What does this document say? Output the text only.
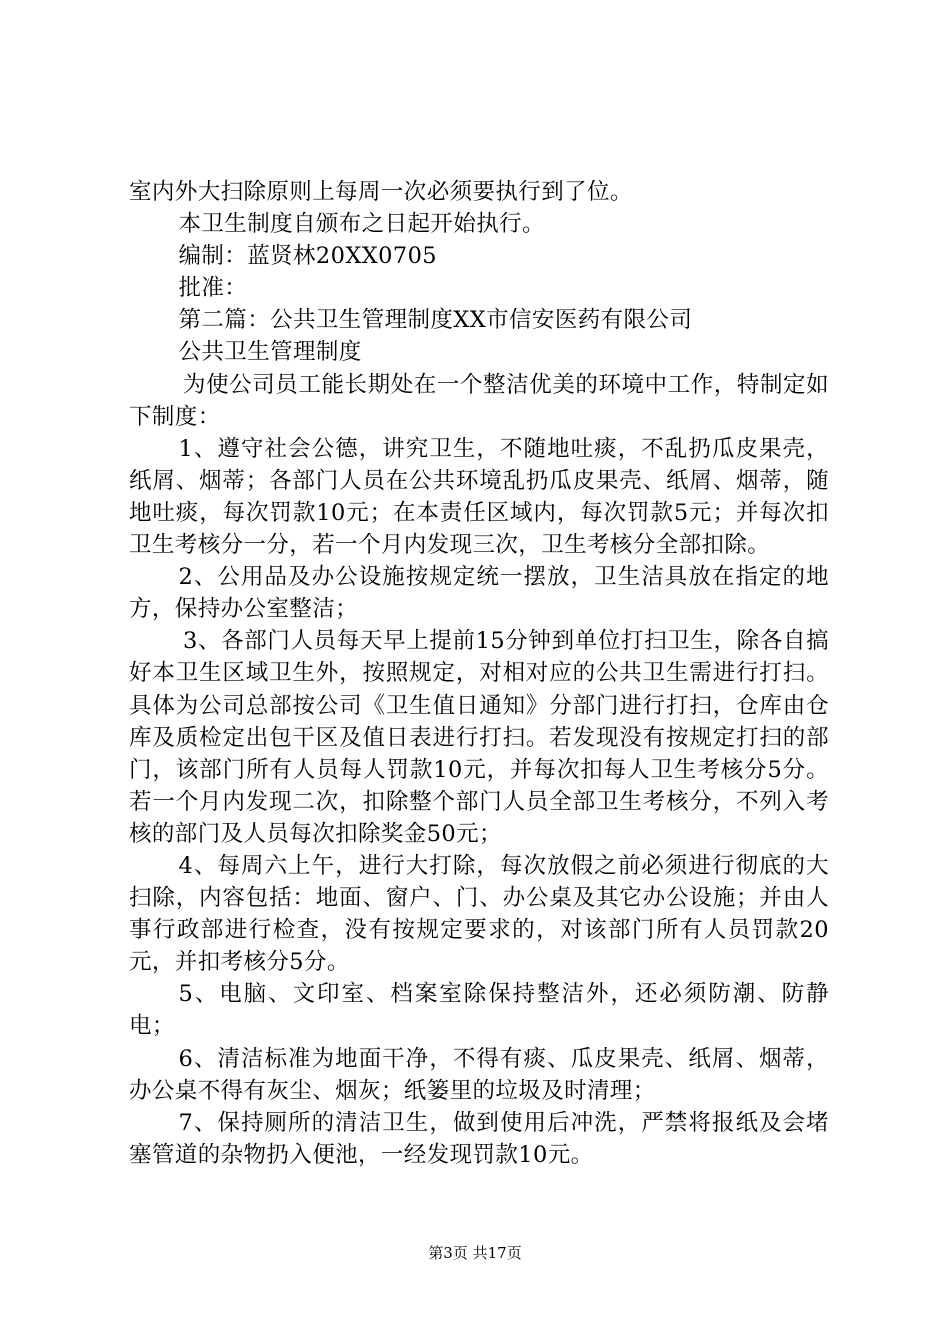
室内外大扫除原则上每周一次必须要执行到了位。

本卫生制度自颁布之日起开始执行。

编制：蓝贤林20XX0705

批准：

第二篇：公共卫生管理制度XX市信安医药有限公司

公共卫生管理制度

为使公司员工能长期处在一个整洁优美的环境中工作，特制定如下制度：

1、遵守社会公德，讲究卫生，不随地吐痰，不乱扔瓜皮果壳，纸屑、烟蒂；各部门人员在公共环境乱扔瓜皮果壳、纸屑、烟蒂，随地吐痰，每次罚款10元；在本责任区域内，每次罚款5元；并每次扣卫生考核分一分，若一个月内发现三次，卫生考核分全部扣除。

2、公用品及办公设施按规定统一摆放，卫生洁具放在指定的地方，保持办公室整洁；

3、各部门人员每天早上提前15分钟到单位打扫卫生，除各自搞好本卫生区域卫生外，按照规定，对相对应的公共卫生需进行打扫。具体为公司总部按公司《卫生值日通知》分部门进行打扫，仓库由仓库及质检定出包干区及值日表进行打扫。若发现没有按规定打扫的部门，该部门所有人员每人罚款10元，并每次扣每人卫生考核分5分。若一个月内发现二次，扣除整个部门人员全部卫生考核分，不列入考核的部门及人员每次扣除奖金50元；

4、每周六上午，进行大打除，每次放假之前必须进行彻底的大扫除，内容包括：地面、窗户、门、办公桌及其它办公设施；并由人事行政部进行检查，没有按规定要求的，对该部门所有人员罚款20元，并扣考核分5分。

5、电脑、文印室、档案室除保持整洁外，还必须防潮、防静电；

6、清洁标准为地面干净，不得有痰、瓜皮果壳、纸屑、烟蒂，办公桌不得有灰尘、烟灰；纸篓里的垃圾及时清理；

7、保持厕所的清洁卫生，做到使用后冲洗，严禁将报纸及会堵塞管道的杂物扔入便池，一经发现罚款10元。

第3页 共17页
